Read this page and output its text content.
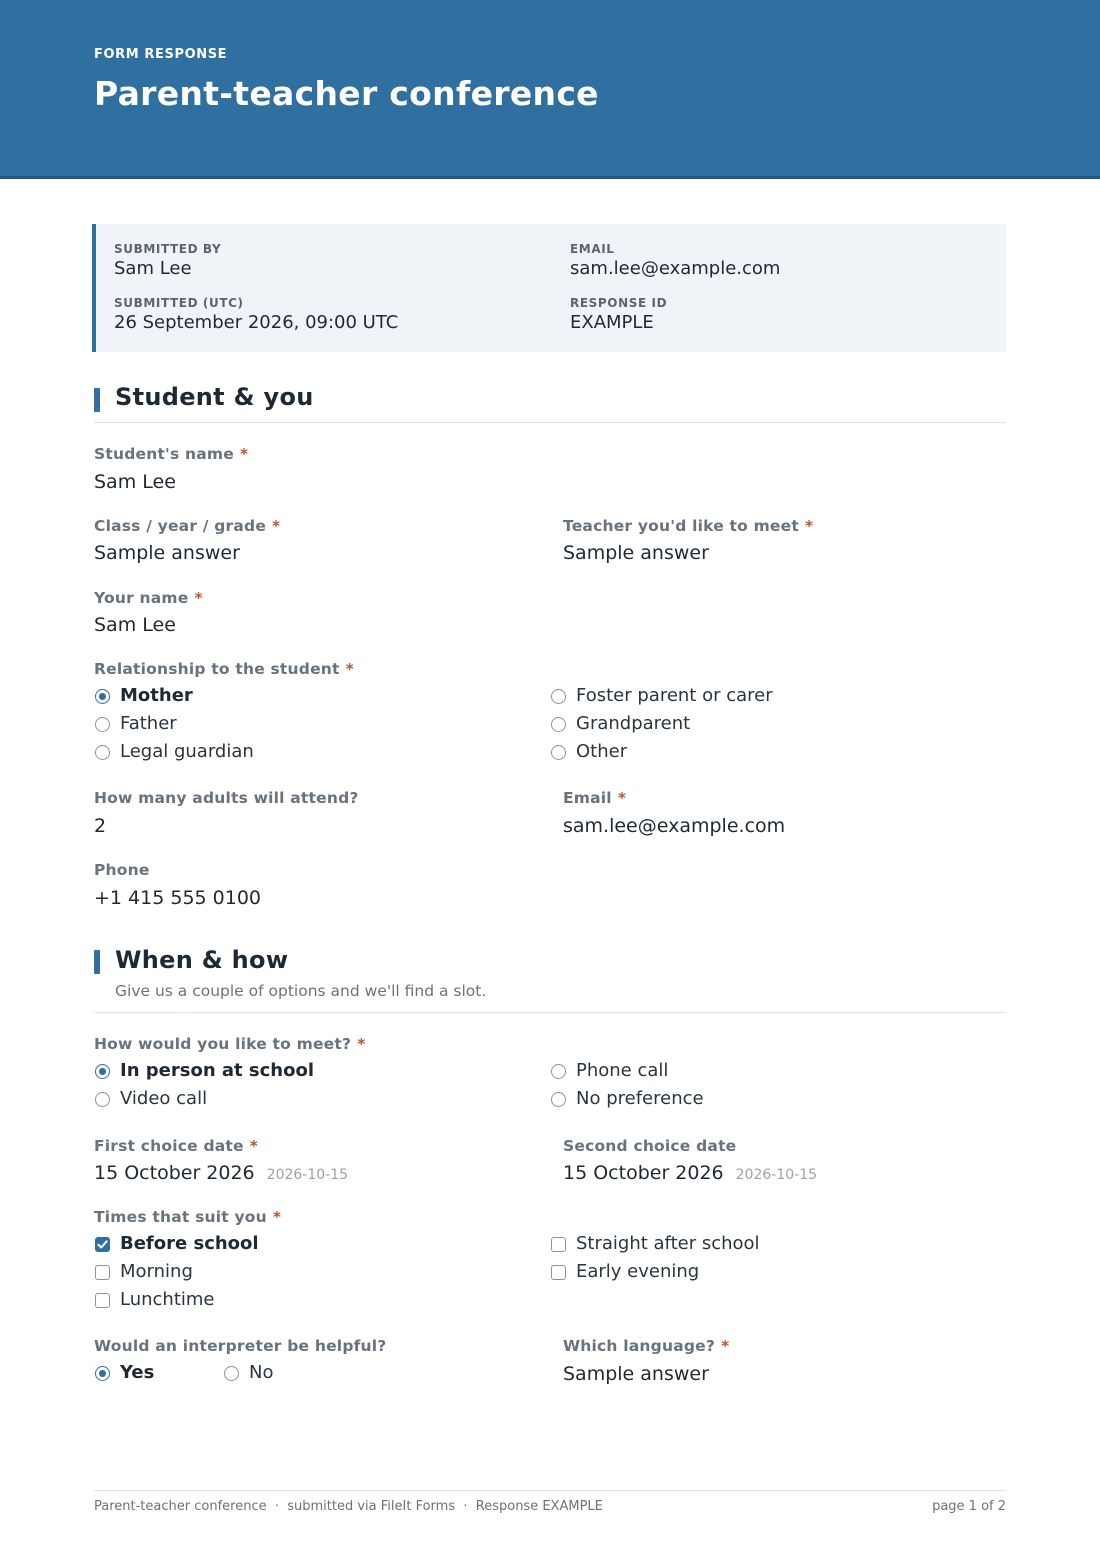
FORM RESPONSE
Parent-teacher conference
SUBMITTED BY
Sam Lee
EMAIL
sam.lee@example.com
SUBMITTED (UTC)
26 September 2026, 09:00 UTC
RESPONSE ID
EXAMPLE
Student & you
Student's name *
Sam Lee
Class / year / grade *
Sample answer
Teacher you'd like to meet *
Sample answer
Your name *
Sam Lee
Relationship to the student *
Mother
Father
Legal guardian
Foster parent or carer
Grandparent
Other
How many adults will attend?
2
Email *
sam.lee@example.com
Phone
+1 415 555 0100
When & how
Give us a couple of options and we'll find a slot.
How would you like to meet? *
In person at school
Video call
Phone call
No preference
First choice date *
15 October 2026 2026-10-15
Second choice date
15 October 2026 2026-10-15
Times that suit you *
Before school
Morning
Lunchtime
Straight after school
Early evening
Would an interpreter be helpful?
Yes	No
Which language? *
Sample answer
Parent-teacher conference  ·  submitted via FileIt Forms  ·  Response EXAMPLE	page 1 of 2
